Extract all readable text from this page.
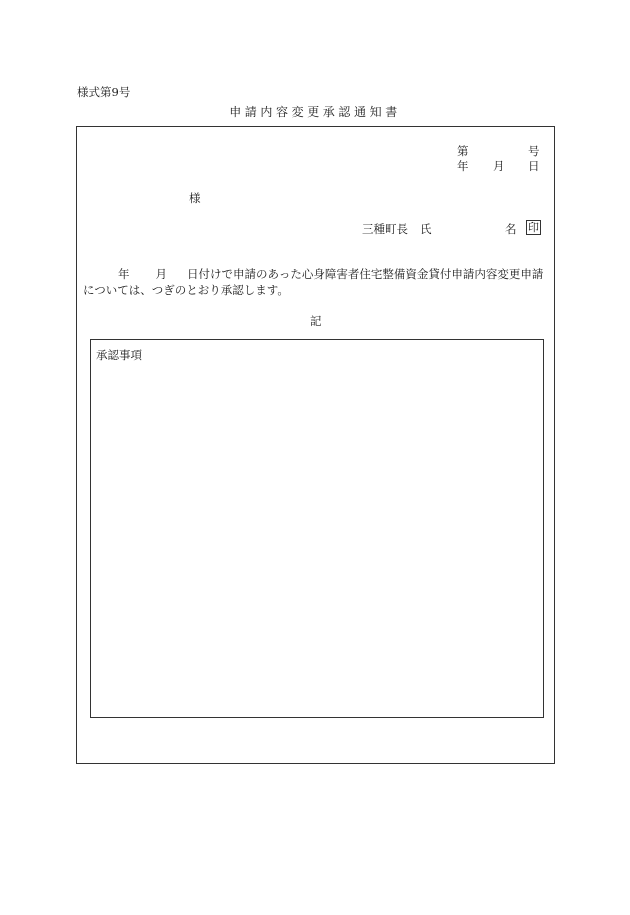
様式第9号
申請内容変更承認通知書
第	号
年 月 日
様
三種町長 氏	名 印
年 月 日付けで申請のあった心身障害者住宅整備資金貸付申請内容変更申請については、つぎのとおり承認します。
記
承認事項
